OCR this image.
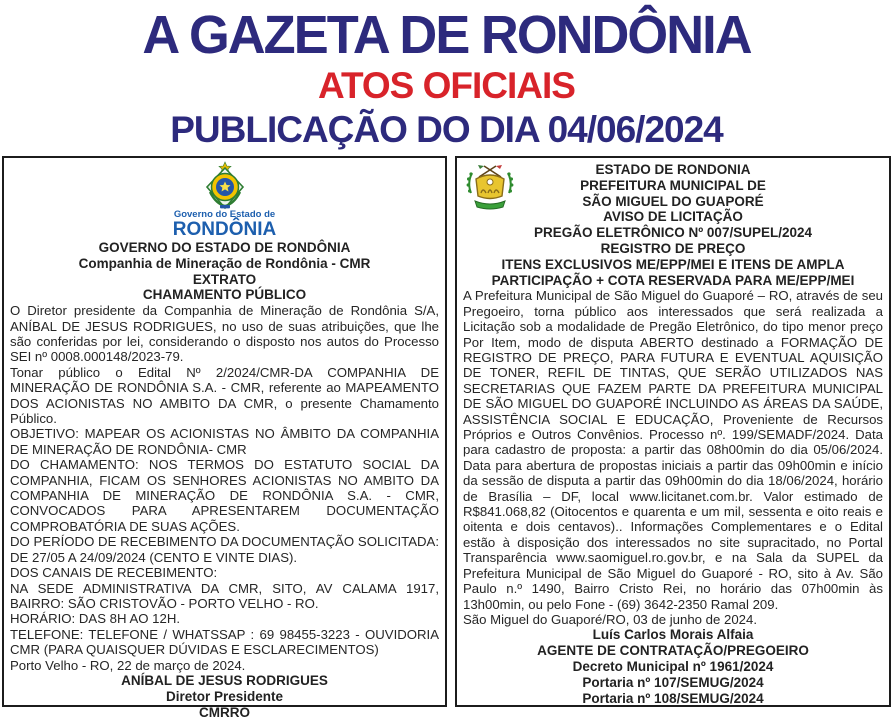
A GAZETA DE RONDÔNIA
ATOS OFICIAIS
PUBLICAÇÃO DO DIA 04/06/2024
Governo do Estado de
RONDÔNIA
GOVERNO DO ESTADO DE RONDÔNIA
Companhia de Mineração de Rondônia - CMR
EXTRATO
CHAMAMENTO PÚBLICO

O Diretor presidente da Companhia de Mineração de Rondônia S/A, ANÍBAL DE JESUS RODRIGUES, no uso de suas atribuições, que lhe são conferidas por lei, considerando o disposto nos autos do Processo SEI nº 0008.000148/2023-79.

Tonar público o Edital Nº 2/2024/CMR-DA COMPANHIA DE MINERAÇÃO DE RONDÔNIA S.A. - CMR, referente ao MAPEAMENTO DOS ACIONISTAS NO AMBITO DA CMR, o presente Chamamento Público.

OBJETIVO: MAPEAR OS ACIONISTAS NO ÂMBITO DA COMPANHIA DE MINERAÇÃO DE RONDÔNIA- CMR

DO CHAMAMENTO: NOS TERMOS DO ESTATUTO SOCIAL DA COMPANHIA, FICAM OS SENHORES ACIONISTAS NO AMBITO DA COMPANHIA DE MINERAÇÃO DE RONDÔNIA S.A. - CMR, CONVOCADOS PARA APRESENTAREM DOCUMENTAÇÃO COMPROBATÓRIA DE SUAS AÇÕES.

DO PERÍODO DE RECEBIMENTO DA DOCUMENTAÇÃO SOLICITADA: DE 27/05 A 24/09/2024 (CENTO E VINTE DIAS).

DOS CANAIS DE RECEBIMENTO:

NA SEDE ADMINISTRATIVA DA CMR, SITO, AV CALAMA 1917, BAIRRO: SÃO CRISTOVÃO - PORTO VELHO - RO.

HORÁRIO: DAS 8H AO 12H.

TELEFONE: TELEFONE / WHATSSAP : 69 98455-3223 - OUVIDORIA CMR (PARA QUAISQUER DÚVIDAS E ESCLARECIMENTOS)

Porto Velho - RO, 22 de março de 2024.

ANÍBAL DE JESUS RODRIGUES
Diretor Presidente
CMRRO
ESTADO DE RONDONIA
PREFEITURA MUNICIPAL DE
SÃO MIGUEL DO GUAPORÉ
AVISO DE LICITAÇÃO
PREGÃO ELETRÔNICO Nº 007/SUPEL/2024
REGISTRO DE PREÇO
ITENS EXCLUSIVOS ME/EPP/MEI E ITENS DE AMPLA
PARTICIPAÇÃO + COTA RESERVADA PARA ME/EPP/MEI

A Prefeitura Municipal de São Miguel do Guaporé – RO, através de seu Pregoeiro, torna público aos interessados que será realizada a Licitação sob a modalidade de Pregão Eletrônico, do tipo menor preço Por Item, modo de disputa ABERTO destinado a FORMAÇÃO DE REGISTRO DE PREÇO, PARA FUTURA E EVENTUAL AQUISIÇÃO DE TONER, REFIL DE TINTAS, QUE SERÃO UTILIZADOS NAS SECRETARIAS QUE FAZEM PARTE DA PREFEITURA MUNICIPAL DE SÃO MIGUEL DO GUAPORÉ INCLUINDO AS ÁREAS DA SAÚDE, ASSISTÊNCIA SOCIAL E EDUCAÇÃO, Proveniente de Recursos Próprios e Outros Convênios. Processo nº. 199/SEMADF/2024. Data para cadastro de proposta: a partir das 08h00min do dia 05/06/2024. Data para abertura de propostas iniciais a partir das 09h00min e início da sessão de disputa a partir das 09h00min do dia 18/06/2024, horário de Brasília – DF, local www.licitanet.com.br. Valor estimado de R$841.068,82 (Oitocentos e quarenta e um mil, sessenta e oito reais e oitenta e dois centavos).. Informações Complementares e o Edital estão à disposição dos interessados no site supracitado, no Portal Transparência www.saomiguel.ro.gov.br, e na Sala da SUPEL da Prefeitura Municipal de São Miguel do Guaporé - RO, sito à Av. São Paulo n.º 1490, Bairro Cristo Rei, no horário das 07h00min às 13h00min, ou pelo Fone - (69) 3642-2350 Ramal 209.

São Miguel do Guaporé/RO, 03 de junho de 2024.
Luís Carlos Morais Alfaia
AGENTE DE CONTRATAÇÃO/PREGOEIRO
Decreto Municipal nº 1961/2024
Portaria nº 107/SEMUG/2024
Portaria nº 108/SEMUG/2024
